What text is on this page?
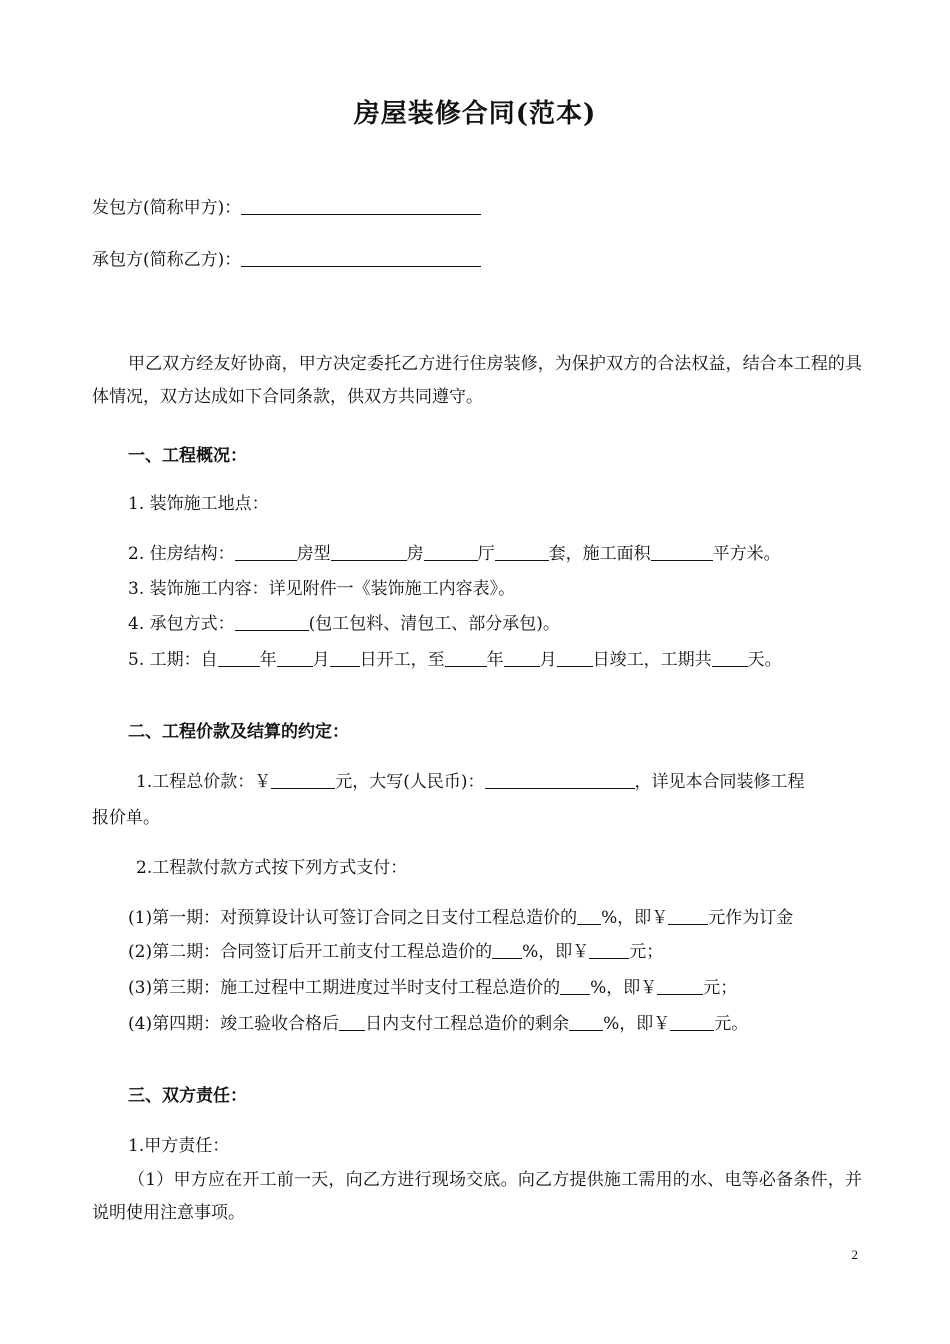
房屋装修合同(范本)
发包方(简称甲方)：
承包方(简称乙方)：
甲乙双方经友好协商，甲方决定委托乙方进行住房装修，为保护双方的合法权益，结合本工程的具体情况，双方达成如下合同条款，供双方共同遵守。
一、工程概况：
1. 装饰施工地点：
2. 住房结构：	房型	房	厅	套，施工面积	平方米。
3. 装饰施工内容：详见附件一《装饰施工内容表》。
4. 承包方式：	(包工包料、清包工、部分承包)。
5. 工期：自 年 月 日开工，至 年 月 日竣工，工期共 天。
二、工程价款及结算的约定：
1.工程总价款：￥	元，大写(人民币)：	，详见本合同装修工程
报价单。
2.工程款付款方式按下列方式支付：
(1)第一期：对预算设计认可签订合同之日支付工程总造价的 %，即￥ 元作为订金
(2)第二期：合同签订后开工前支付工程总造价的 %，即￥ 元；
(3)第三期：施工过程中工期进度过半时支付工程总造价的 %，即￥	元；
(4)第四期：竣工验收合格后 日内支付工程总造价的剩余 %，即￥	元。
三、双方责任：
1.甲方责任：
（1）甲方应在开工前一天，向乙方进行现场交底。向乙方提供施工需用的水、电等必备条件，并说明使用注意事项。
2
